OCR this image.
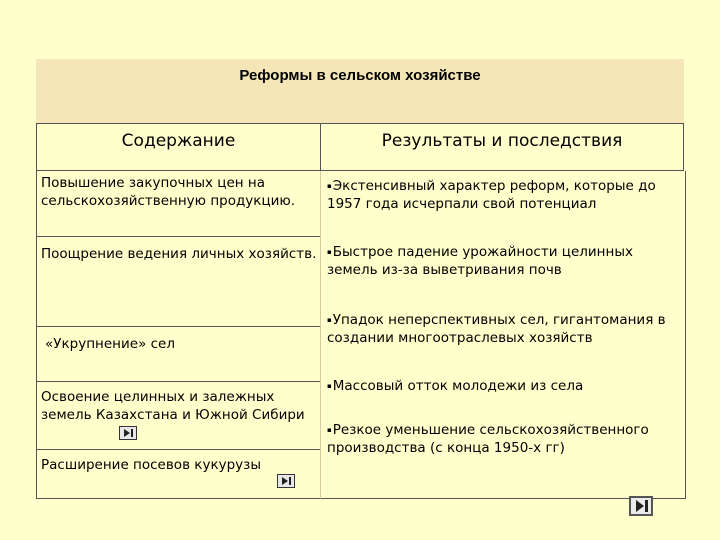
Реформы в сельском хозяйстве
Содержание	Результаты и последствия
Повышение закупочных цен на сельскохозяйственную продукцию.
Поощрение ведения личных хозяйств.
«Укрупнение» сел
Освоение целинных и залежных земель Казахстана и Южной Сибири
Расширение посевов кукурузы
▪Экстенсивный характер реформ, которые до 1957 года исчерпали свой потенциал
▪Быстрое падение урожайности целинных земель из-за выветривания почв
▪Упадок неперспективных сел, гигантомания в создании многоотраслевых хозяйств
▪Массовый отток молодежи из села
▪Резкое уменьшение сельскохозяйственного производства (с конца 1950-х гг)
